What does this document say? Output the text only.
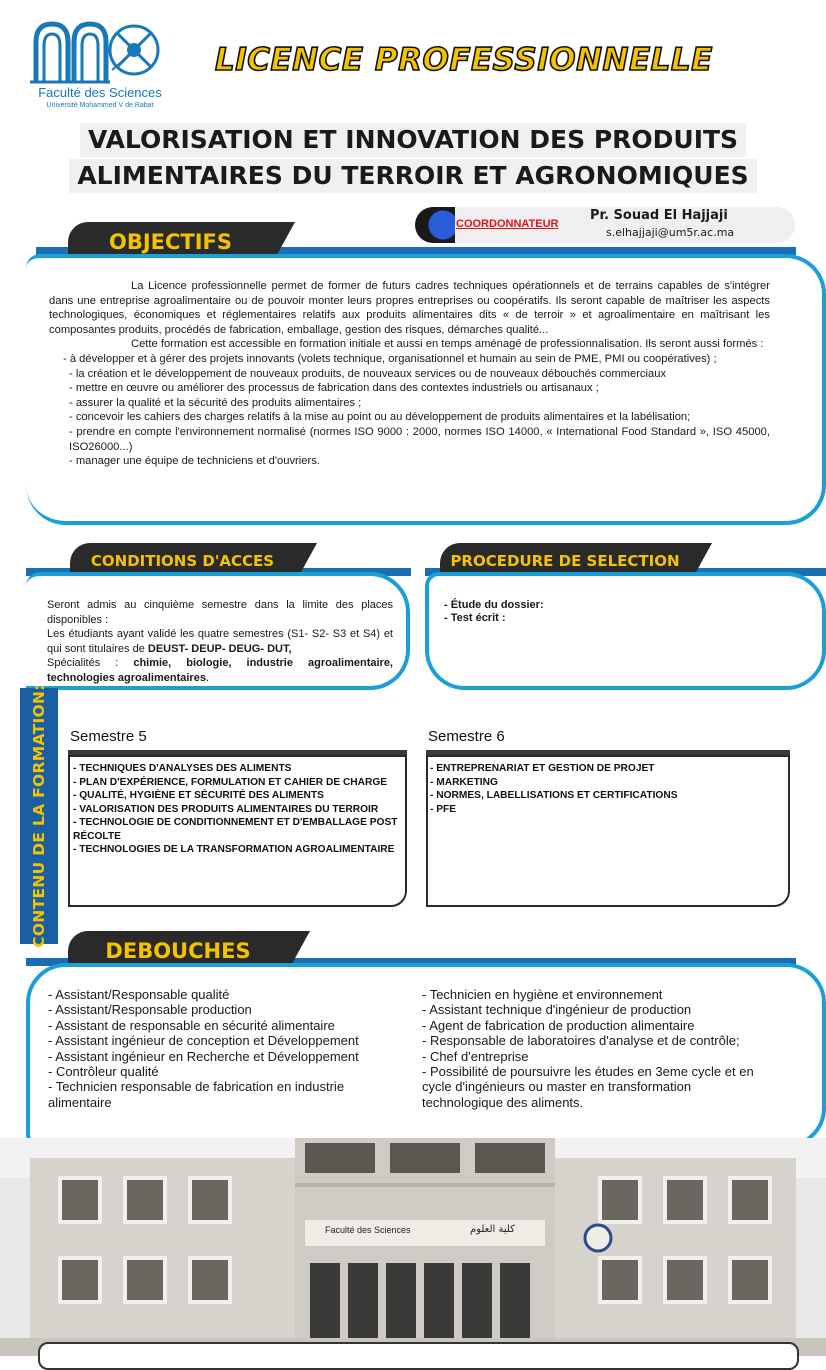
Faculté des Sciences
Université Mohammed V de Rabat
LICENCE PROFESSIONNELLE
VALORISATION ET INNOVATION DES PRODUITS
ALIMENTAIRES DU TERROIR ET AGRONOMIQUES
COORDONNATEUR
Pr. Souad El Hajjaji
s.elhajjaji@um5r.ac.ma
OBJECTIFS

La Licence professionnelle permet de former de futurs cadres techniques opérationnels et de terrains capables de s'intégrer dans une entreprise agroalimentaire ou de pouvoir monter leurs propres entreprises ou coopératifs. Ils seront capable de maîtriser les aspects technologiques, économiques et réglementaires relatifs aux produits alimentaires dits « de terroir » et agroalimentaire en maîtrisant les composantes produits, procédés de fabrication, emballage, gestion des risques, démarches qualité...

Cette formation est accessible en formation initiale et aussi en temps aménagé de professionnalisation. Ils seront aussi formés :

- à développer et à gérer des projets innovants (volets technique, organisationnel et humain au sein de PME, PMI ou coopératives) ;

- la création et le développement de nouveaux produits, de nouveaux services ou de nouveaux débouchés commerciaux

- mettre en œuvre ou améliorer des processus de fabrication dans des contextes industriels ou artisanaux ;

- assurer la qualité et la sécurité des produits alimentaires ;

- concevoir les cahiers des charges relatifs à la mise au point ou au développement de produits alimentaires et la labélisation;

- prendre en compte l'environnement normalisé (normes ISO 9000 : 2000, normes ISO 14000, « International Food Standard », ISO 45000, ISO26000...)

- manager une équipe de techniciens et d'ouvriers.

CONDITIONS D'ACCES
Seront admis au cinquième semestre dans la limite des places disponibles :
Les étudiants ayant validé les quatre semestres (S1- S2- S3 et S4) et qui sont titulaires de DEUST- DEUP- DEUG- DUT,
Spécialités : chimie, biologie, industrie agroalimentaire, technologies agroalimentaires.
PROCEDURE DE SELECTION
- Étude du dossier:
- Test écrit :
CONTENU DE LA FORMATION: Semestre 5
- TECHNIQUES D'ANALYSES DES ALIMENTS
- PLAN D'EXPÉRIENCE, FORMULATION ET CAHIER DE CHARGE
- QUALITÉ, HYGIÈNE ET SÉCURITÉ DES ALIMENTS
- VALORISATION DES PRODUITS ALIMENTAIRES DU TERROIR
- TECHNOLOGIE DE CONDITIONNEMENT ET D'EMBALLAGE POST RÉCOLTE
- TECHNOLOGIES DE LA TRANSFORMATION AGROALIMENTAIRE
Semestre 6
- ENTREPRENARIAT ET GESTION DE PROJET
- MARKETING
- NORMES, LABELLISATIONS ET CERTIFICATIONS
- PFE
DEBOUCHES
- Assistant/Responsable qualité
- Assistant/Responsable production
- Assistant de responsable en sécurité alimentaire
- Assistant ingénieur de conception et Développement
- Assistant ingénieur en Recherche et Développement
- Contrôleur qualité
- Technicien responsable de fabrication en industrie alimentaire
- Technicien en hygiène et environnement
- Assistant technique d'ingénieur de production
- Agent de fabrication de production alimentaire
- Responsable de laboratoires d'analyse et de contrôle;
- Chef d'entreprise
- Possibilité de poursuivre les études en 3eme cycle et en cycle d'ingénieurs ou master en transformation technologique des aliments.
Faculté des Sciences	كلية العلوم
